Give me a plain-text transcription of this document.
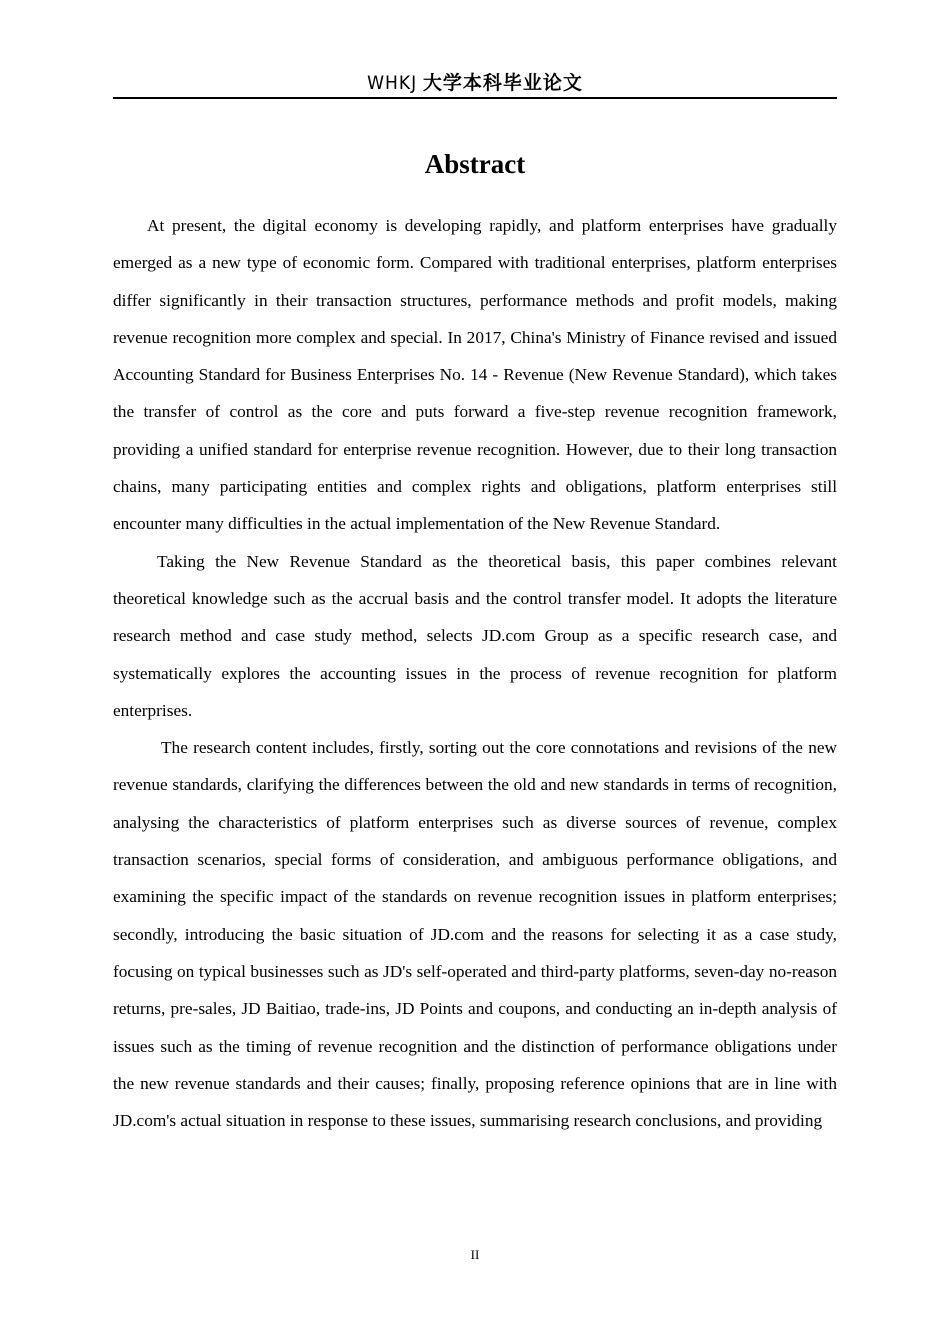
WHKJ 大学本科毕业论文
Abstract

At present, the digital economy is developing rapidly, and platform enterprises have gradually emerged as a new type of economic form. Compared with traditional enterprises, platform enterprises differ significantly in their transaction structures, performance methods and profit models, making revenue recognition more complex and special. In 2017, China's Ministry of Finance revised and issued Accounting Standard for Business Enterprises No. 14 - Revenue (New Revenue Standard), which takes the transfer of control as the core and puts forward a five-step revenue recognition framework, providing a unified standard for enterprise revenue recognition. However, due to their long transaction chains, many participating entities and complex rights and obligations, platform enterprises still encounter many difficulties in the actual implementation of the New Revenue Standard.

Taking the New Revenue Standard as the theoretical basis, this paper combines relevant theoretical knowledge such as the accrual basis and the control transfer model. It adopts the literature research method and case study method, selects JD.com Group as a specific research case, and systematically explores the accounting issues in the process of revenue recognition for platform enterprises.

The research content includes, firstly, sorting out the core connotations and revisions of the new revenue standards, clarifying the differences between the old and new standards in terms of recognition, analysing the characteristics of platform enterprises such as diverse sources of revenue, complex transaction scenarios, special forms of consideration, and ambiguous performance obligations, and examining the specific impact of the standards on revenue recognition issues in platform enterprises; secondly, introducing the basic situation of JD.com and the reasons for selecting it as a case study, focusing on typical businesses such as JD's self-operated and third-party platforms, seven-day no-reason returns, pre-sales, JD Baitiao, trade-ins, JD Points and coupons, and conducting an in-depth analysis of issues such as the timing of revenue recognition and the distinction of performance obligations under the new revenue standards and their causes; finally, proposing reference opinions that are in line with JD.com's actual situation in response to these issues, summarising research conclusions, and providing

II
